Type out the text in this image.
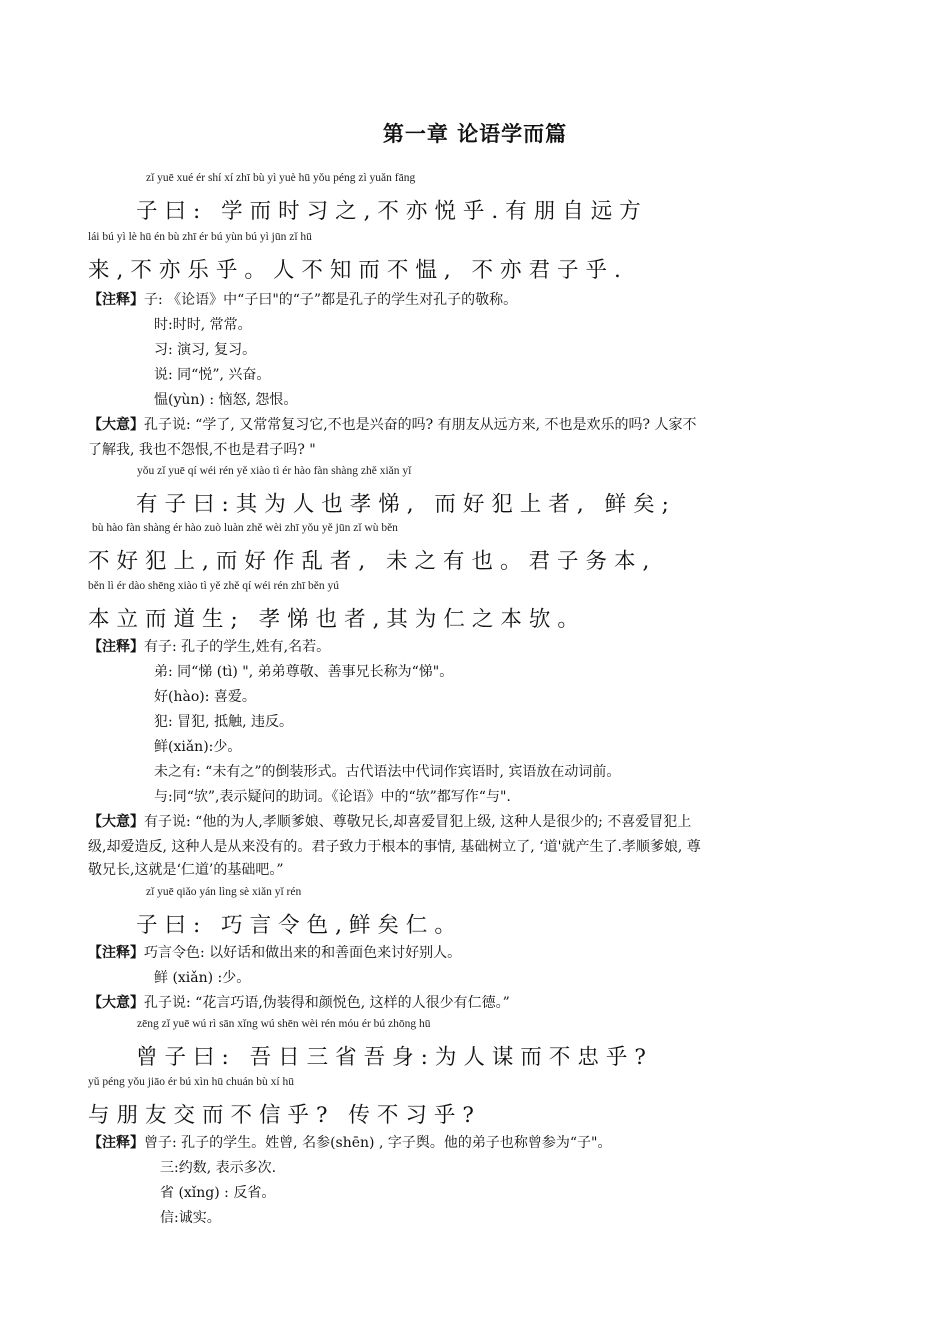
第一章 论语学而篇
zǐ yuē xué ér shí xí zhī bù yì yuè hū yǒu péng zì yuǎn fāng
子曰: 学而时习之,不亦悦乎.有朋自远方
lái bú yì lè hū én bù zhī ér bú yùn bú yì jūn zǐ hū
来,不亦乐乎。人不知而不愠, 不亦君子乎.
【注释】子: 《论语》中“子曰"的“子”都是孔子的学生对孔子的敬称。
时:时时, 常常。
习: 演习, 复习。
说: 同“悦”, 兴奋。
愠(yùn) : 恼怒, 怨恨。
【大意】孔子说: “学了, 又常常复习它,不也是兴奋的吗? 有朋友从远方来, 不也是欢乐的吗? 人家不
了解我, 我也不怨恨,不也是君子吗? "
yǒu zǐ yuē qí wéi rén yě xiào tì ér hào fàn shàng zhě xiǎn yǐ
有子曰:其为人也孝悌, 而好犯上者, 鲜矣;
bù hào fàn shàng ér hào zuò luàn zhě wèi zhī yǒu yě jūn zǐ wù běn
不好犯上,而好作乱者, 未之有也。君子务本,
běn lì ér dào shēng xiào tì yě zhě qí wéi rén zhī běn yú
本立而道生; 孝悌也者,其为仁之本欤。
【注释】有子: 孔子的学生,姓有,名若。
弟: 同“悌 (tì) ", 弟弟尊敬、善事兄长称为“悌"。
好(hào): 喜爱。
犯: 冒犯, 抵触, 违反。
鲜(xiǎn):少。
未之有: “未有之”的倒装形式。古代语法中代词作宾语时, 宾语放在动词前。
与:同“欤”,表示疑问的助词。《论语》中的“欤”都写作“与".
【大意】有子说: “他的为人,孝顺爹娘、尊敬兄长,却喜爱冒犯上级, 这种人是很少的; 不喜爱冒犯上
级,却爱造反, 这种人是从来没有的。君子致力于根本的事情, 基础树立了, ‘道'就产生了.孝顺爹娘, 尊
敬兄长,这就是‘仁道’的基础吧。”
zǐ yuē qiǎo yán lìng sè xiǎn yǐ rén
子曰: 巧言令色,鲜矣仁。
【注释】巧言令色: 以好话和做出来的和善面色来讨好别人。
鲜 (xiǎn) :少。
【大意】孔子说: “花言巧语,伪装得和颜悦色, 这样的人很少有仁德。”
zēng zǐ yuē wú rì sān xǐng wú shēn wèi rén móu ér bú zhōng hū
曾子曰: 吾日三省吾身:为人谋而不忠乎?
yǔ péng yǒu jiāo ér bú xìn hū chuán bù xí hū
与朋友交而不信乎? 传不习乎?
【注释】曾子: 孔子的学生。姓曾, 名参(shēn) , 字子舆。他的弟子也称曾参为“子"。
三:约数, 表示多次.
省 (xǐng) : 反省。
信:诚实。
